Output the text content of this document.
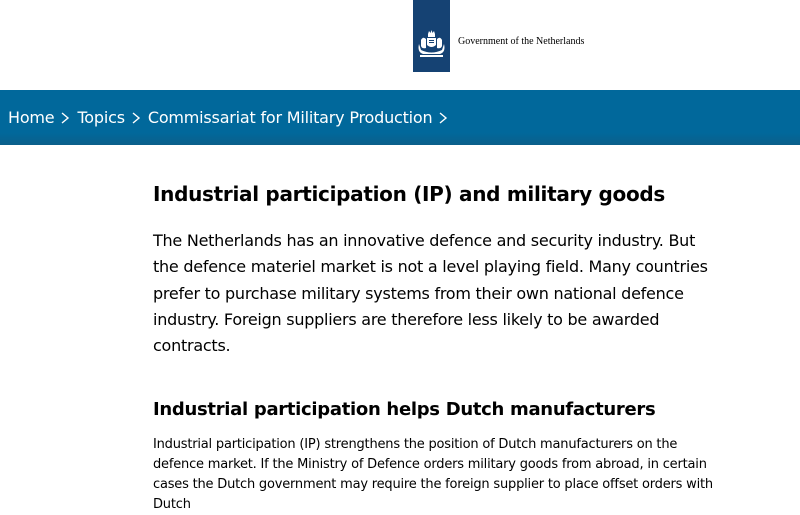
Government of the Netherlands
Home Topics Commissariat for Military Production
Industrial participation (IP) and military goods

The Netherlands has an innovative defence and security industry. But the defence materiel market is not a level playing field. Many countries prefer to purchase military systems from their own national defence industry. Foreign suppliers are therefore less likely to be awarded contracts.

Industrial participation helps Dutch manufacturers

Industrial participation (IP) strengthens the position of Dutch manufacturers on the defence market. If the Ministry of Defence orders military goods from abroad, in certain cases the Dutch government may require the foreign supplier to place offset orders with Dutch
